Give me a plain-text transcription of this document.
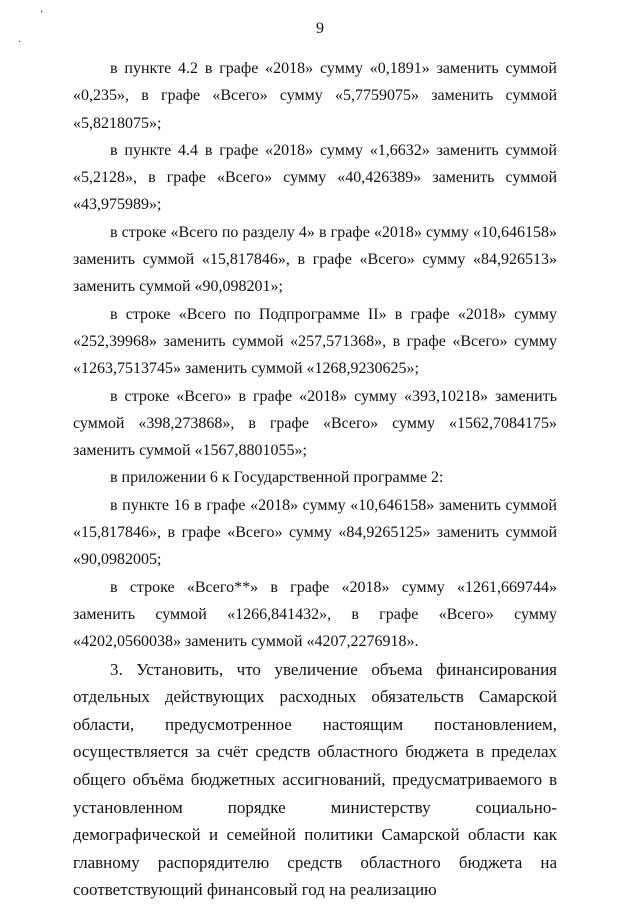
‘
·
9

в пункте 4.2 в графе «2018» сумму «0,1891» заменить суммой «0,235», в графе «Всего» сумму «5,7759075» заменить суммой «5,8218075»;

в пункте 4.4 в графе «2018» сумму «1,6632» заменить суммой «5,2128», в графе «Всего» сумму «40,426389» заменить суммой «43,975989»;

в строке «Всего по разделу 4» в графе «2018» сумму «10,646158» заменить суммой «15,817846», в графе «Всего» сумму «84,926513» заменить суммой «90,098201»;

в строке «Всего по Подпрограмме II» в графе «2018» сумму «252,39968» заменить суммой «257,571368», в графе «Всего» сумму «1263,7513745» заменить суммой «1268,9230625»;

в строке «Всего» в графе «2018» сумму «393,10218» заменить суммой «398,273868», в графе «Всего» сумму «1562,7084175» заменить суммой «1567,8801055»;

в приложении 6 к Государственной программе 2:

в пункте 16 в графе «2018» сумму «10,646158» заменить суммой «15,817846», в графе «Всего» сумму «84,9265125» заменить суммой «90,0982005;

в строке «Всего**» в графе «2018» сумму «1261,669744» заменить суммой «1266,841432», в графе «Всего» сумму «4202,0560038» заменить суммой «4207,2276918».

3. Установить, что увеличение объема финансирования отдельных действующих расходных обязательств Самарской области, предусмотренное настоящим постановлением, осуществляется за счёт средств областного бюджета в пределах общего объёма бюджетных ассигнований, предусматриваемого в установленном порядке министерству социально-демографической и семейной политики Самарской области как главному распорядителю средств областного бюджета на соответствующий финансовый год на реализацию
